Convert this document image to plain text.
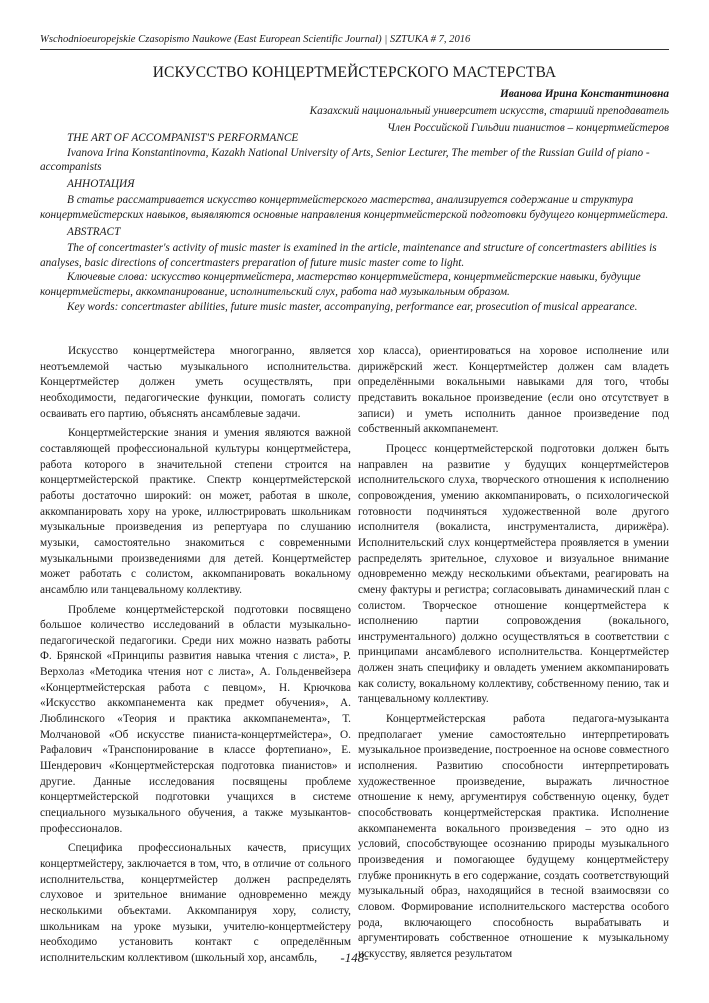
Wschodnioeuropejskie Czasopismo Naukowe (East European Scientific Journal) | SZTUKA # 7, 2016
ИСКУССТВО КОНЦЕРТМЕЙСТЕРСКОГО МАСТЕРСТВА
Иванова Ирина Константиновна
Казахский национальный университет искусств, старший преподаватель
Член Российской Гильдии пианистов – концертмейстеров

THE ART OF ACCOMPANIST'S PERFORMANCE

Ivanova Irina Konstantinovma, Kazakh National University of Arts, Senior Lecturer, The member of the Russian Guild of piano - accompanists

АННОТАЦИЯ

В статье рассматривается искусство концертмейстерского мастерства, анализируется содержание и структура концертмейстерских навыков, выявляются основные направления концертмейстерской подготовки будущего концертмейстера.

ABSTRACT

The of concertmaster's activity of music master is examined in the article, maintenance and structure of concertmasters abilities is analyses, basic directions of concertmasters preparation of future music master come to light.

Ключевые слова: искусство концертмейстера, мастерство концертмейстера, концертмейстерские навыки, будущие концертмейстеры, аккомпанирование, исполнительский слух, работа над музыкальным образом.

Key words: concertmaster abilities, future music master, accompanying, performance ear, prosecution of musical appearance.

Искусство концертмейстера многогранно, является неотъемлемой частью музыкального исполнительства. Концертмейстер должен уметь осуществлять, при необходимости, педагогические функции, помогать солисту осваивать его партию, объяснять ансамблевые задачи.

Концертмейстерские знания и умения являются важной составляющей профессиональной культуры концертмейстера, работа которого в значительной степени строится на концертмейстерской практике. Спектр концертмейстерской работы достаточно широкий: он может, работая в школе, аккомпанировать хору на уроке, иллюстрировать школьникам музыкальные произведения из репертуара по слушанию музыки, самостоятельно знакомиться с современными музыкальными произведениями для детей. Концертмейстер может работать с солистом, аккомпанировать вокальному ансамблю или танцевальному коллективу.

Проблеме концертмейстерской подготовки посвящено большое количество исследований в области музыкально-педагогической педагогики. Среди них можно назвать работы Ф. Брянской «Принципы развития навыка чтения с листа», Р. Верхолаз «Методика чтения нот с листа», А. Гольденвейзера «Концертмейстерская работа с певцом», Н. Крючкова «Искусство аккомпанемента как предмет обучения», А. Люблинского «Теория и практика аккомпанемента», Т. Молчановой «Об искусстве пианиста-концертмейстера», О. Рафалович «Транспонирование в классе фортепиано», Е. Шендерович «Концертмейстерская подготовка пианистов» и другие. Данные исследования посвящены проблеме концертмейстерской подготовки учащихся в системе специального музыкального обучения, а также музыкантов-профессионалов.

Специфика профессиональных качеств, присущих концертмейстеру, заключается в том, что, в отличие от сольного исполнительства, концертмейстер должен распределять слуховое и зрительное внимание одновременно между несколькими объектами. Аккомпанируя хору, солисту, школьникам на уроке музыки, учителю-концертмейстеру необходимо установить контакт с определённым исполнительским коллективом (школьный хор, ансамбль,

хор класса), ориентироваться на хоровое исполнение или дирижёрский жест. Концертмейстер должен сам владеть определёнными вокальными навыками для того, чтобы представить вокальное произведение (если оно отсутствует в записи) и уметь исполнить данное произведение под собственный аккомпанемент.

Процесс концертмейстерской подготовки должен быть направлен на развитие у будущих концертмейстеров исполнительского слуха, творческого отношения к исполнению сопровождения, умению аккомпанировать, о психологической готовности подчиняться художественной воле другого исполнителя (вокалиста, инструменталиста, дирижёра). Исполнительский слух концертмейстера проявляется в умении распределять зрительное, слуховое и визуальное внимание одновременно между несколькими объектами, реагировать на смену фактуры и регистра; согласовывать динамический план с солистом. Творческое отношение концертмейстера к исполнению партии сопровождения (вокального, инструментального) должно осуществляться в соответствии с принципами ансамблевого исполнительства. Концертмейстер должен знать специфику и овладеть умением аккомпанировать как солисту, вокальному коллективу, собственному пению, так и танцевальному коллективу.

Концертмейстерская работа педагога-музыканта предполагает умение самостоятельно интерпретировать музыкальное произведение, построенное на основе совместного исполнения. Развитию способности интерпретировать художественное произведение, выражать личностное отношение к нему, аргументируя собственную оценку, будет способствовать концертмейстерская практика. Исполнение аккомпанемента вокального произведения – это одно из условий, способствующее осознанию природы музыкального произведения и помогающее будущему концертмейстеру глубже проникнуть в его содержание, создать соответствующий музыкальный образ, находящийся в тесной взаимосвязи со словом. Формирование исполнительского мастерства особого рода, включающего способность вырабатывать и аргументировать собственное отношение к музыкальному искусству, является результатом

-148-
